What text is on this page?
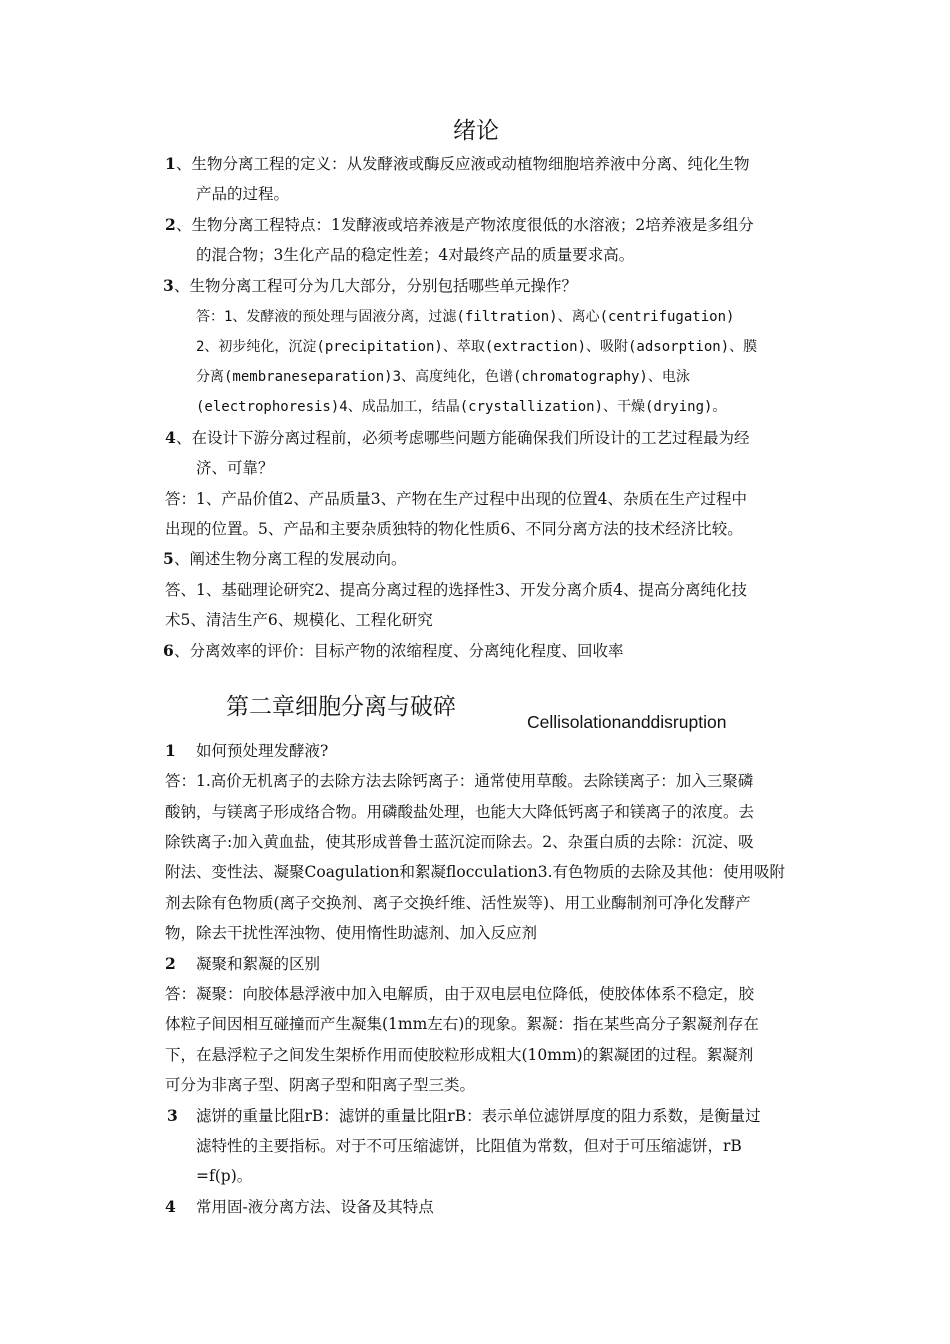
绪论
1 、生物分离工程的定义：从发酵液或酶反应液或动植物细胞培养液中分离、纯化生物
产品的过程。
2 、生物分离工程特点：1发酵液或培养液是产物浓度很低的水溶液；2培养液是多组分
的混合物；3生化产品的稳定性差；4对最终产品的质量要求高。
3 、生物分离工程可分为几大部分，分别包括哪些单元操作？
答：1、发酵液的预处理与固液分离，过滤(filtration)、离心(centrifugation)
2、初步纯化，沉淀(precipitation)、萃取(extraction)、吸附(adsorption)、膜
分离(membraneseparation)3、高度纯化，色谱(chromatography)、电泳
(electrophoresis)4、成品加工，结晶(crystallization)、干燥(drying)。
4 、在设计下游分离过程前，必须考虑哪些问题方能确保我们所设计的工艺过程最为经
济、可靠？
答：1、产品价值2、产品质量3、产物在生产过程中出现的位置4、杂质在生产过程中
出现的位置。5、产品和主要杂质独特的物化性质6、不同分离方法的技术经济比较。
5 、阐述生物分离工程的发展动向。
答、1、基础理论研究2、提高分离过程的选择性3、开发分离介质4、提高分离纯化技
术5、清洁生产6、规模化、工程化研究
6 、分离效率的评价：目标产物的浓缩程度、分离纯化程度、回收率
第二章细胞分离与破碎
Cellisolationanddisruption
1 如何预处理发酵液?
答：1.高价无机离子的去除方法去除钙离子：通常使用草酸。去除镁离子：加入三聚磷
酸钠，与镁离子形成络合物。用磷酸盐处理，也能大大降低钙离子和镁离子的浓度。去
除铁离子:加入黄血盐，使其形成普鲁士蓝沉淀而除去。2、杂蛋白质的去除：沉淀、吸
附法、变性法、凝聚Coagulation和絮凝flocculation3.有色物质的去除及其他：使用吸附
剂去除有色物质(离子交换剂、离子交换纤维、活性炭等)、用工业酶制剂可净化发酵产
物，除去干扰性浑浊物、使用惰性助滤剂、加入反应剂
2 凝聚和絮凝的区别
答：凝聚：向胶体悬浮液中加入电解质，由于双电层电位降低，使胶体体系不稳定，胶
体粒子间因相互碰撞而产生凝集(1mm左右)的现象。絮凝：指在某些高分子絮凝剂存在
下，在悬浮粒子之间发生架桥作用而使胶粒形成粗大(10mm)的絮凝团的过程。絮凝剂
可分为非离子型、阴离子型和阳离子型三类。
3 滤饼的重量比阻rB：滤饼的重量比阻rB：表示单位滤饼厚度的阻力系数，是衡量过
滤特性的主要指标。对于不可压缩滤饼，比阻值为常数，但对于可压缩滤饼，rB
=f(p)。
4 常用固-液分离方法、设备及其特点
